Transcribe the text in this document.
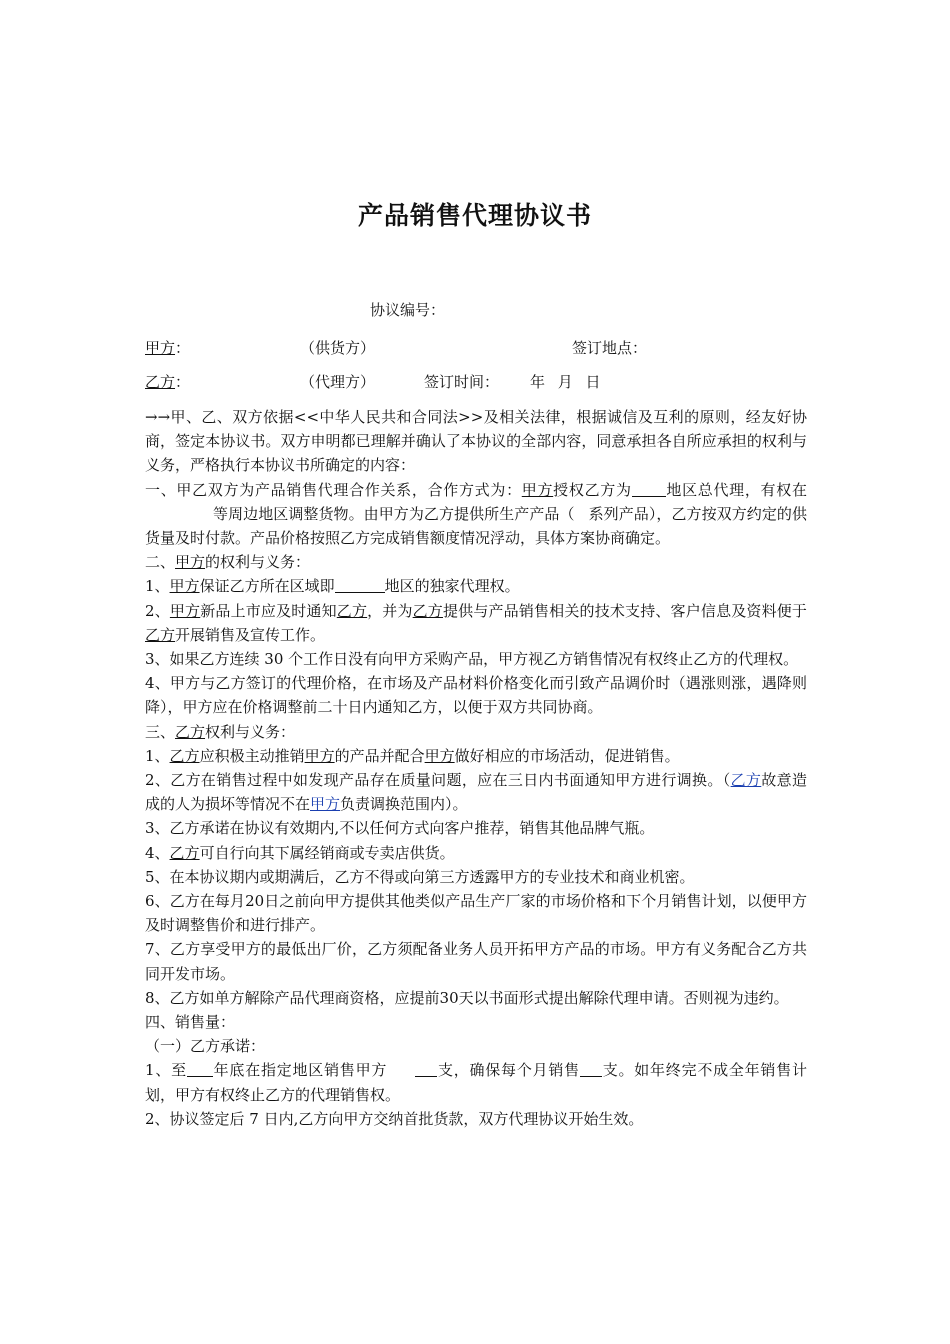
产品销售代理协议书
协议编号：
甲方：	（供货方）	签订地点：
乙方：	（代理方）	签订时间： 年 月 日

→→甲、乙、双方依据<<中华人民共和合同法>>及相关法律，根据诚信及互利的原则，经友好协商，签定本协议书。双方申明都已理解并确认了本协议的全部内容，同意承担各自所应承担的权利与义务，严格执行本协议书所确定的内容：

一、甲乙双方为产品销售代理合作关系，合作方式为：甲方授权乙方为 地区总代理，有权在等周边地区调整货物。由甲方为乙方提供所生产产品（ 系列产品），乙方按双方约定的供货量及时付款。产品价格按照乙方完成销售额度情况浮动，具体方案协商确定。

二、甲方的权利与义务：

1、甲方保证乙方所在区域即	地区的独家代理权。

2、甲方新品上市应及时通知乙方，并为乙方提供与产品销售相关的技术支持、客户信息及资料便于乙方开展销售及宣传工作。

3、如果乙方连续 30 个工作日没有向甲方采购产品，甲方视乙方销售情况有权终止乙方的代理权。

4、甲方与乙方签订的代理价格，在市场及产品材料价格变化而引致产品调价时（遇涨则涨，遇降则降），甲方应在价格调整前二十日内通知乙方，以便于双方共同协商。

三、乙方权利与义务：

1、乙方应积极主动推销甲方的产品并配合甲方做好相应的市场活动，促进销售。

2、乙方在销售过程中如发现产品存在质量问题，应在三日内书面通知甲方进行调换。（乙方故意造成的人为损坏等情况不在甲方负责调换范围内）。

3、乙方承诺在协议有效期内,不以任何方式向客户推荐，销售其他品牌气瓶。

4、乙方可自行向其下属经销商或专卖店供货。

5、在本协议期内或期满后，乙方不得或向第三方透露甲方的专业技术和商业机密。

6、乙方在每月20日之前向甲方提供其他类似产品生产厂家的市场价格和下个月销售计划，以便甲方及时调整售价和进行排产。

7、乙方享受甲方的最低出厂价，乙方须配备业务人员开拓甲方产品的市场。甲方有义务配合乙方共同开发市场。

8、乙方如单方解除产品代理商资格，应提前30天以书面形式提出解除代理申请。否则视为违约。

四、销售量：

（一）乙方承诺：

1、至 年底在指定地区销售甲方	支，确保每个月销售 支。如年终完不成全年销售计划，甲方有权终止乙方的代理销售权。

2、协议签定后 7 日内,乙方向甲方交纳首批货款，双方代理协议开始生效。
